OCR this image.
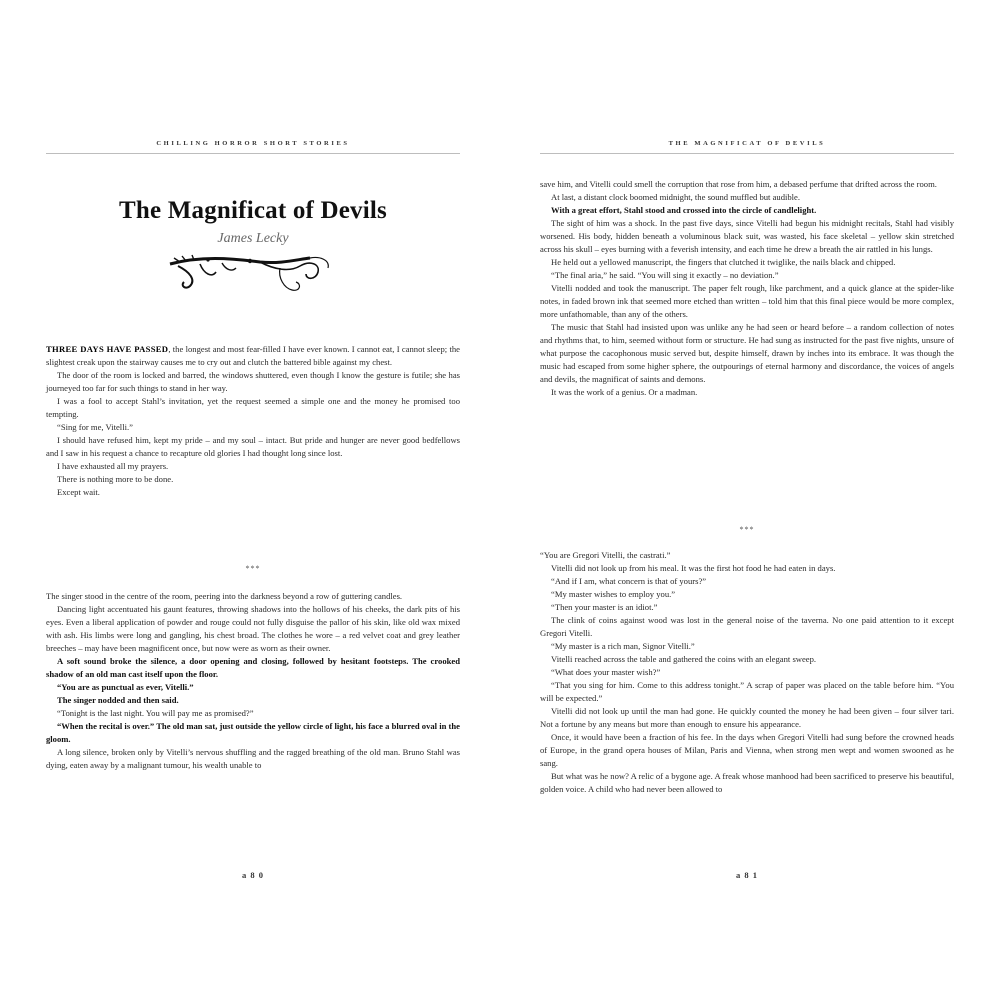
CHILLING HORROR SHORT STORIES
The Magnificat of Devils
James Lecky

THREE DAYS HAVE PASSED, the longest and most fear-filled I have ever known. I cannot eat, I cannot sleep; the slightest creak upon the stairway causes me to cry out and clutch the battered bible against my chest.

The door of the room is locked and barred, the windows shuttered, even though I know the gesture is futile; she has journeyed too far for such things to stand in her way.

I was a fool to accept Stahl’s invitation, yet the request seemed a simple one and the money he promised too tempting.

“Sing for me, Vitelli.”

I should have refused him, kept my pride – and my soul – intact. But pride and hunger are never good bedfellows and I saw in his request a chance to recapture old glories I had thought long since lost.

I have exhausted all my prayers.

There is nothing more to be done.

Except wait.

***

The singer stood in the centre of the room, peering into the darkness beyond a row of guttering candles.

Dancing light accentuated his gaunt features, throwing shadows into the hollows of his cheeks, the dark pits of his eyes. Even a liberal application of powder and rouge could not fully disguise the pallor of his skin, like old wax mixed with ash. His limbs were long and gangling, his chest broad. The clothes he wore – a red velvet coat and grey leather breeches – may have been magnificent once, but now were as worn as their owner.

A soft sound broke the silence, a door opening and closing, followed by hesitant footsteps. The crooked shadow of an old man cast itself upon the floor.

“You are as punctual as ever, Vitelli.”

The singer nodded and then said.

“Tonight is the last night. You will pay me as promised?”

“When the recital is over.” The old man sat, just outside the yellow circle of light, his face a blurred oval in the gloom.

A long silence, broken only by Vitelli’s nervous shuffling and the ragged breathing of the old man. Bruno Stahl was dying, eaten away by a malignant tumour, his wealth unable to

a 8 0
THE MAGNIFICAT OF DEVILS

save him, and Vitelli could smell the corruption that rose from him, a debased perfume that drifted across the room.

At last, a distant clock boomed midnight, the sound muffled but audible.

With a great effort, Stahl stood and crossed into the circle of candlelight.

The sight of him was a shock. In the past five days, since Vitelli had begun his midnight recitals, Stahl had visibly worsened. His body, hidden beneath a voluminous black suit, was wasted, his face skeletal – yellow skin stretched across his skull – eyes burning with a feverish intensity, and each time he drew a breath the air rattled in his lungs.

He held out a yellowed manuscript, the fingers that clutched it twiglike, the nails black and chipped.

“The final aria,” he said. “You will sing it exactly – no deviation.”

Vitelli nodded and took the manuscript. The paper felt rough, like parchment, and a quick glance at the spider-like notes, in faded brown ink that seemed more etched than written – told him that this final piece would be more complex, more unfathomable, than any of the others.

The music that Stahl had insisted upon was unlike any he had seen or heard before – a random collection of notes and rhythms that, to him, seemed without form or structure. He had sung as instructed for the past five nights, unsure of what purpose the cacophonous music served but, despite himself, drawn by inches into its embrace. It was though the music had escaped from some higher sphere, the outpourings of eternal harmony and discordance, the voices of angels and devils, the magnificat of saints and demons.

It was the work of a genius. Or a madman.

***

“You are Gregori Vitelli, the castrati.”

Vitelli did not look up from his meal. It was the first hot food he had eaten in days.

“And if I am, what concern is that of yours?”

“My master wishes to employ you.”

“Then your master is an idiot.”

The clink of coins against wood was lost in the general noise of the taverna. No one paid attention to it except Gregori Vitelli.

“My master is a rich man, Signor Vitelli.”

Vitelli reached across the table and gathered the coins with an elegant sweep.

“What does your master wish?”

“That you sing for him. Come to this address tonight.” A scrap of paper was placed on the table before him. “You will be expected.”

Vitelli did not look up until the man had gone. He quickly counted the money he had been given – four silver tari. Not a fortune by any means but more than enough to ensure his appearance.

Once, it would have been a fraction of his fee. In the days when Gregori Vitelli had sung before the crowned heads of Europe, in the grand opera houses of Milan, Paris and Vienna, when strong men wept and women swooned as he sang.

But what was he now? A relic of a bygone age. A freak whose manhood had been sacrificed to preserve his beautiful, golden voice. A child who had never been allowed to

a 8 1
